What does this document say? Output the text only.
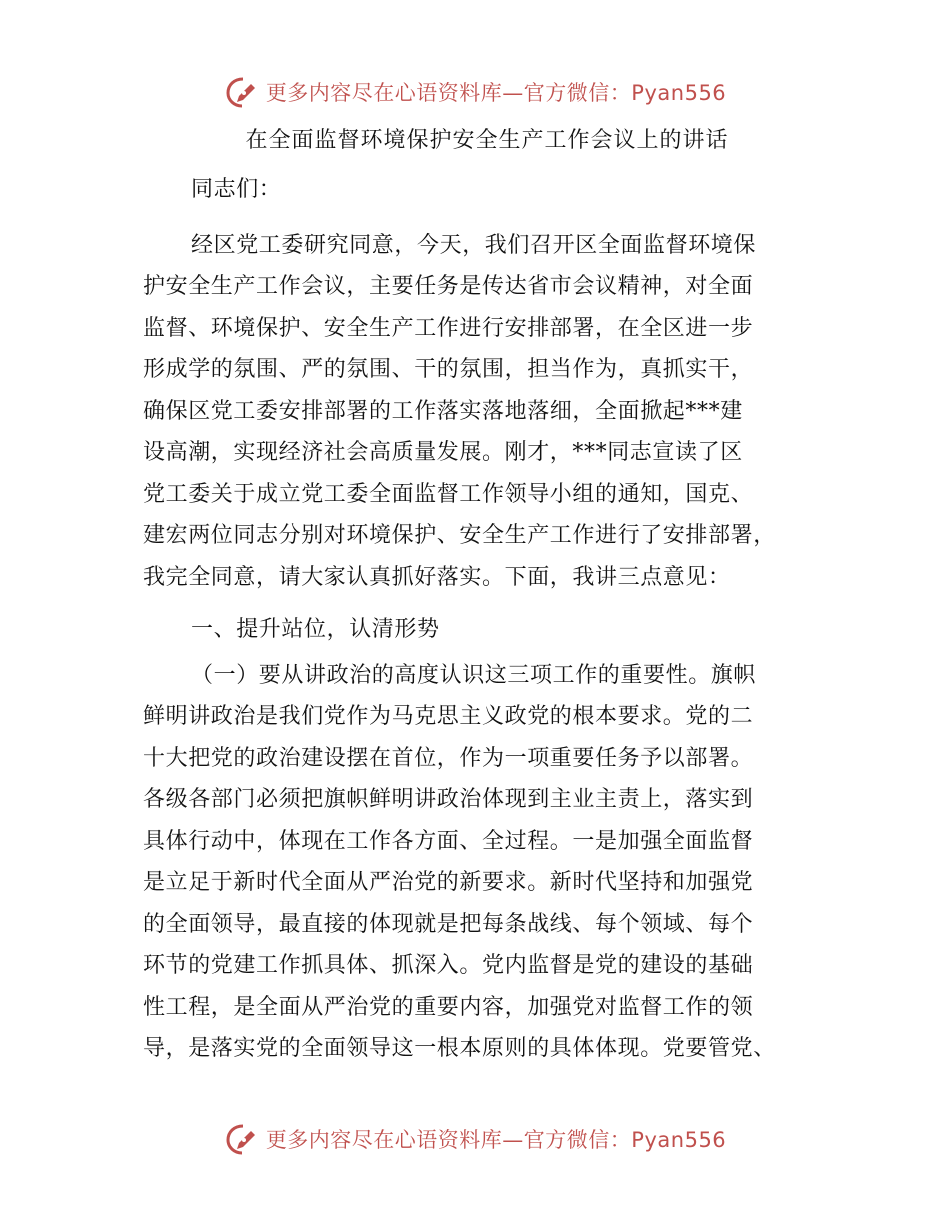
更多内容尽在心语资料库—官方微信：Pyan556
在全面监督环境保护安全生产工作会议上的讲话
同志们：
经区党工委研究同意，今天，我们召开区全面监督环境保
护安全生产工作会议，主要任务是传达省市会议精神，对全面
监督、环境保护、安全生产工作进行安排部署，在全区进一步
形成学的氛围、严的氛围、干的氛围，担当作为，真抓实干，
确保区党工委安排部署的工作落实落地落细，全面掀起***建
设高潮，实现经济社会高质量发展。刚才，***同志宣读了区
党工委关于成立党工委全面监督工作领导小组的通知，国克、
建宏两位同志分别对环境保护、安全生产工作进行了安排部署，
我完全同意，请大家认真抓好落实。下面，我讲三点意见：
一、提升站位，认清形势
（一）要从讲政治的高度认识这三项工作的重要性。旗帜
鲜明讲政治是我们党作为马克思主义政党的根本要求。党的二
十大把党的政治建设摆在首位，作为一项重要任务予以部署。
各级各部门必须把旗帜鲜明讲政治体现到主业主责上，落实到
具体行动中，体现在工作各方面、全过程。一是加强全面监督
是立足于新时代全面从严治党的新要求。新时代坚持和加强党
的全面领导，最直接的体现就是把每条战线、每个领域、每个
环节的党建工作抓具体、抓深入。党内监督是党的建设的基础
性工程，是全面从严治党的重要内容，加强党对监督工作的领
导，是落实党的全面领导这一根本原则的具体体现。党要管党、
更多内容尽在心语资料库—官方微信：Pyan556
